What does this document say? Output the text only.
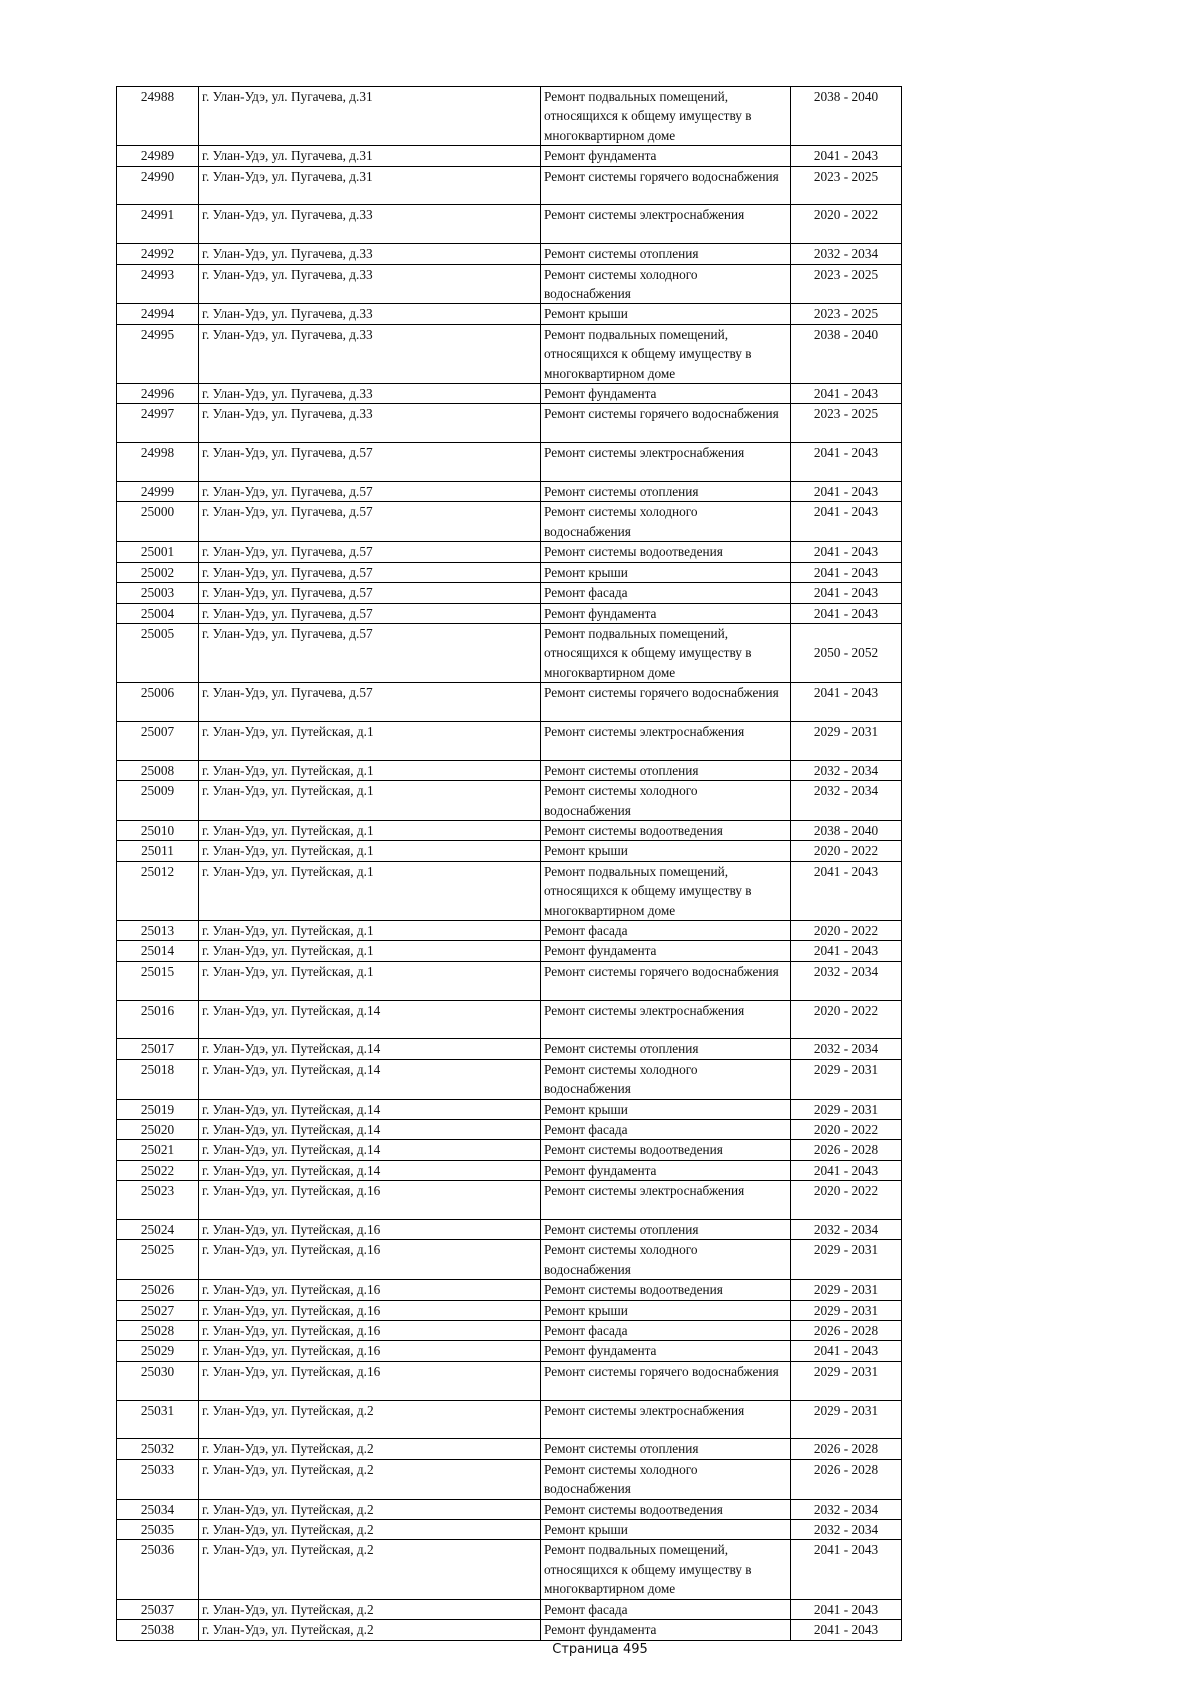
24988	г. Улан-Удэ, ул. Пугачева, д.31	Ремонт подвальных помещений, относящихся к общему имуществу в многоквартирном доме	2038 - 2040
24989	г. Улан-Удэ, ул. Пугачева, д.31	Ремонт фундамента	2041 - 2043
24990	г. Улан-Удэ, ул. Пугачева, д.31	Ремонт системы горячего водоснабжения	2023 - 2025
24991	г. Улан-Удэ, ул. Пугачева, д.33	Ремонт системы электроснабжения	2020 - 2022
24992	г. Улан-Удэ, ул. Пугачева, д.33	Ремонт системы отопления	2032 - 2034
24993	г. Улан-Удэ, ул. Пугачева, д.33	Ремонт системы холодного водоснабжения	2023 - 2025
24994	г. Улан-Удэ, ул. Пугачева, д.33	Ремонт крыши	2023 - 2025
24995	г. Улан-Удэ, ул. Пугачева, д.33	Ремонт подвальных помещений, относящихся к общему имуществу в многоквартирном доме	2038 - 2040
24996	г. Улан-Удэ, ул. Пугачева, д.33	Ремонт фундамента	2041 - 2043
24997	г. Улан-Удэ, ул. Пугачева, д.33	Ремонт системы горячего водоснабжения	2023 - 2025
24998	г. Улан-Удэ, ул. Пугачева, д.57	Ремонт системы электроснабжения	2041 - 2043
24999	г. Улан-Удэ, ул. Пугачева, д.57	Ремонт системы отопления	2041 - 2043
25000	г. Улан-Удэ, ул. Пугачева, д.57	Ремонт системы холодного водоснабжения	2041 - 2043
25001	г. Улан-Удэ, ул. Пугачева, д.57	Ремонт системы водоотведения	2041 - 2043
25002	г. Улан-Удэ, ул. Пугачева, д.57	Ремонт крыши	2041 - 2043
25003	г. Улан-Удэ, ул. Пугачева, д.57	Ремонт фасада	2041 - 2043
25004	г. Улан-Удэ, ул. Пугачева, д.57	Ремонт фундамента	2041 - 2043
25005	г. Улан-Удэ, ул. Пугачева, д.57	Ремонт подвальных помещений, относящихся к общему имуществу в многоквартирном доме	2050 - 2052
25006	г. Улан-Удэ, ул. Пугачева, д.57	Ремонт системы горячего водоснабжения	2041 - 2043
25007	г. Улан-Удэ, ул. Путейская, д.1	Ремонт системы электроснабжения	2029 - 2031
25008	г. Улан-Удэ, ул. Путейская, д.1	Ремонт системы отопления	2032 - 2034
25009	г. Улан-Удэ, ул. Путейская, д.1	Ремонт системы холодного водоснабжения	2032 - 2034
25010	г. Улан-Удэ, ул. Путейская, д.1	Ремонт системы водоотведения	2038 - 2040
25011	г. Улан-Удэ, ул. Путейская, д.1	Ремонт крыши	2020 - 2022
25012	г. Улан-Удэ, ул. Путейская, д.1	Ремонт подвальных помещений, относящихся к общему имуществу в многоквартирном доме	2041 - 2043
25013	г. Улан-Удэ, ул. Путейская, д.1	Ремонт фасада	2020 - 2022
25014	г. Улан-Удэ, ул. Путейская, д.1	Ремонт фундамента	2041 - 2043
25015	г. Улан-Удэ, ул. Путейская, д.1	Ремонт системы горячего водоснабжения	2032 - 2034
25016	г. Улан-Удэ, ул. Путейская, д.14	Ремонт системы электроснабжения	2020 - 2022
25017	г. Улан-Удэ, ул. Путейская, д.14	Ремонт системы отопления	2032 - 2034
25018	г. Улан-Удэ, ул. Путейская, д.14	Ремонт системы холодного водоснабжения	2029 - 2031
25019	г. Улан-Удэ, ул. Путейская, д.14	Ремонт крыши	2029 - 2031
25020	г. Улан-Удэ, ул. Путейская, д.14	Ремонт фасада	2020 - 2022
25021	г. Улан-Удэ, ул. Путейская, д.14	Ремонт системы водоотведения	2026 - 2028
25022	г. Улан-Удэ, ул. Путейская, д.14	Ремонт фундамента	2041 - 2043
25023	г. Улан-Удэ, ул. Путейская, д.16	Ремонт системы электроснабжения	2020 - 2022
25024	г. Улан-Удэ, ул. Путейская, д.16	Ремонт системы отопления	2032 - 2034
25025	г. Улан-Удэ, ул. Путейская, д.16	Ремонт системы холодного водоснабжения	2029 - 2031
25026	г. Улан-Удэ, ул. Путейская, д.16	Ремонт системы водоотведения	2029 - 2031
25027	г. Улан-Удэ, ул. Путейская, д.16	Ремонт крыши	2029 - 2031
25028	г. Улан-Удэ, ул. Путейская, д.16	Ремонт фасада	2026 - 2028
25029	г. Улан-Удэ, ул. Путейская, д.16	Ремонт фундамента	2041 - 2043
25030	г. Улан-Удэ, ул. Путейская, д.16	Ремонт системы горячего водоснабжения	2029 - 2031
25031	г. Улан-Удэ, ул. Путейская, д.2	Ремонт системы электроснабжения	2029 - 2031
25032	г. Улан-Удэ, ул. Путейская, д.2	Ремонт системы отопления	2026 - 2028
25033	г. Улан-Удэ, ул. Путейская, д.2	Ремонт системы холодного водоснабжения	2026 - 2028
25034	г. Улан-Удэ, ул. Путейская, д.2	Ремонт системы водоотведения	2032 - 2034
25035	г. Улан-Удэ, ул. Путейская, д.2	Ремонт крыши	2032 - 2034
25036	г. Улан-Удэ, ул. Путейская, д.2	Ремонт подвальных помещений, относящихся к общему имуществу в многоквартирном доме	2041 - 2043
25037	г. Улан-Удэ, ул. Путейская, д.2	Ремонт фасада	2041 - 2043
25038	г. Улан-Удэ, ул. Путейская, д.2	Ремонт фундамента	2041 - 2043
Страница 495
